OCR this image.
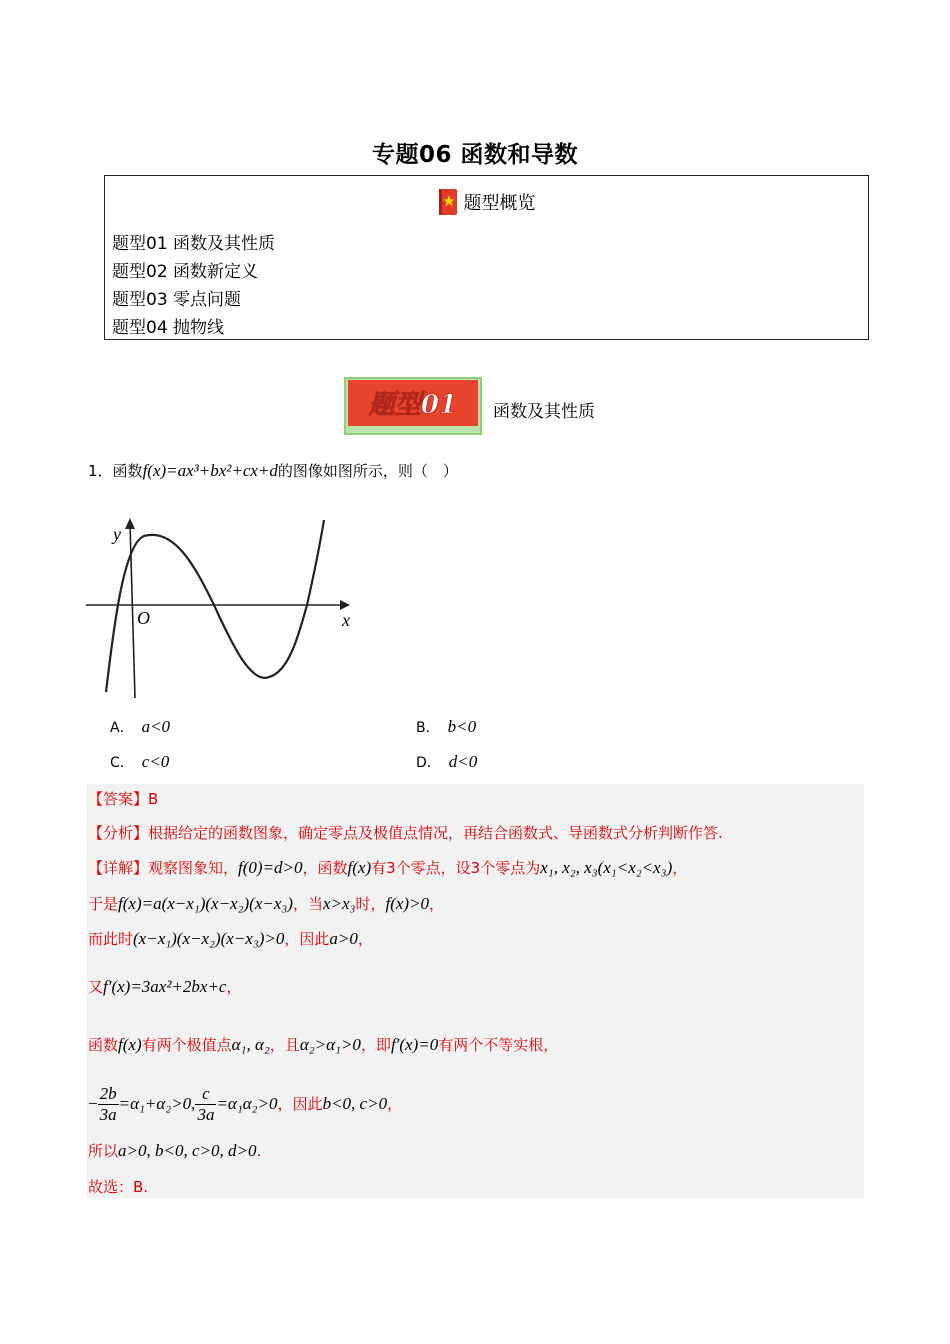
专题06 函数和导数
题型概览
题型01 函数及其性质
题型02 函数新定义
题型03 零点问题
题型04 抛物线
题型01 函数及其性质
1．函数f(x)=ax³+bx²+cx+d的图像如图所示，则（　）
y
x
O
A． a<0	B． b<0
C． c<0	D． d<0
【答案】B
【分析】根据给定的函数图象，确定零点及极值点情况，再结合函数式、导函数式分析判断作答.
【详解】观察图象知，f(0)=d>0，函数f(x)有3个零点，设3个零点为x₁, x₂, x₃(x₁<x₂<x₃)，
于是f(x)=a(x−x₁)(x−x₂)(x−x₃)，当x>x₃时，f(x)>0，
而此时(x−x₁)(x−x₂)(x−x₃)>0，因此a>0，
又f′(x)=3ax²+2bx+c，
函数f(x)有两个极值点α₁, α₂，且α₂>α₁>0，即f′(x)=0有两个不等实根，
− $\frac{2b}{3a} =\alpha_1+\alpha_2>0$, $\frac{c}{3a} =\alpha_1\alpha_2>0$，因此b<0, c>0，
所以a>0, b<0, c>0, d>0.
故选：B.
